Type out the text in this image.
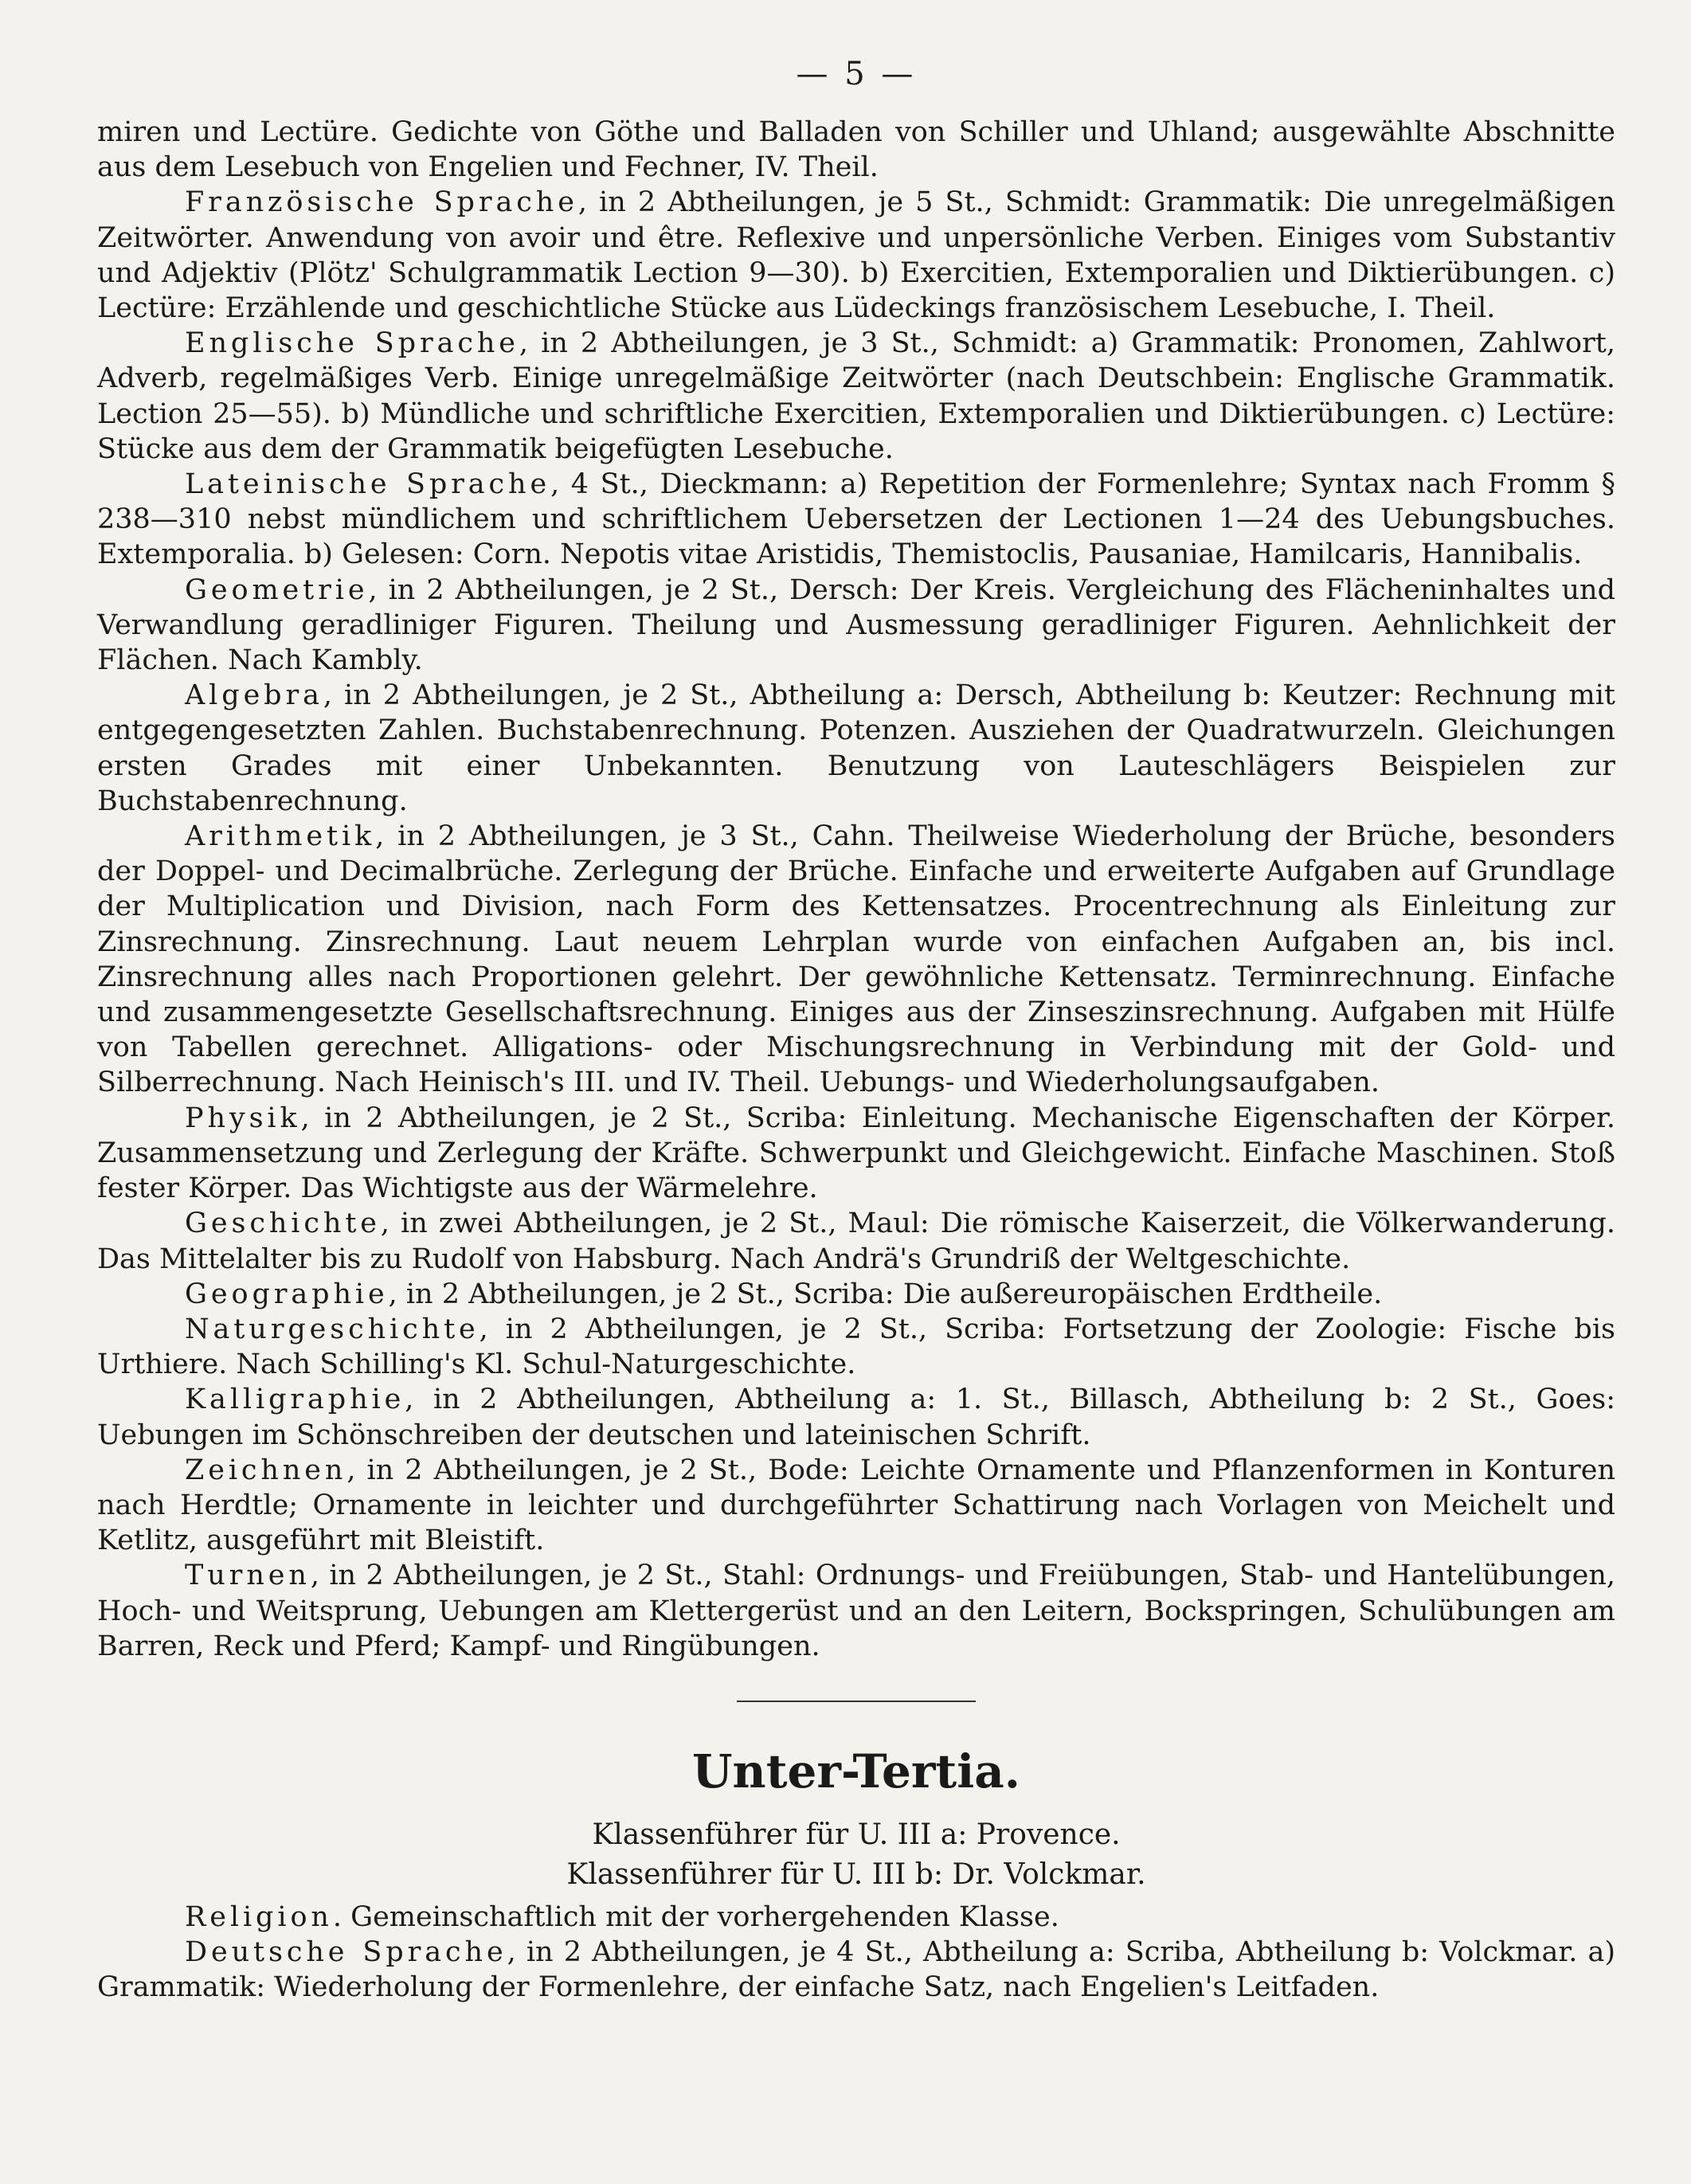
— 5 —

miren und Lectüre. Gedichte von Göthe und Balladen von Schiller und Uhland; ausgewählte Abschnitte aus dem Lesebuch von Engelien und Fechner, IV. Theil.

Französische Sprache, in 2 Abtheilungen, je 5 St., Schmidt: Grammatik: Die unregelmäßigen Zeitwörter. Anwendung von avoir und être. Reflexive und unpersönliche Verben. Einiges vom Substantiv und Adjektiv (Plötz' Schulgrammatik Lection 9—30). b) Exercitien, Extemporalien und Diktierübungen. c) Lectüre: Erzählende und geschichtliche Stücke aus Lüdeckings französischem Lesebuche, I. Theil.

Englische Sprache, in 2 Abtheilungen, je 3 St., Schmidt: a) Grammatik: Pronomen, Zahlwort, Adverb, regelmäßiges Verb. Einige unregelmäßige Zeitwörter (nach Deutschbein: Englische Grammatik. Lection 25—55). b) Mündliche und schriftliche Exercitien, Extemporalien und Diktierübungen. c) Lectüre: Stücke aus dem der Grammatik beigefügten Lesebuche.

Lateinische Sprache, 4 St., Dieckmann: a) Repetition der Formenlehre; Syntax nach Fromm § 238—310 nebst mündlichem und schriftlichem Uebersetzen der Lectionen 1—24 des Uebungsbuches. Extemporalia. b) Gelesen: Corn. Nepotis vitae Aristidis, Themistoclis, Pausaniae, Hamilcaris, Hannibalis.

Geometrie, in 2 Abtheilungen, je 2 St., Dersch: Der Kreis. Vergleichung des Flächeninhaltes und Verwandlung geradliniger Figuren. Theilung und Ausmessung geradliniger Figuren. Aehnlichkeit der Flächen. Nach Kambly.

Algebra, in 2 Abtheilungen, je 2 St., Abtheilung a: Dersch, Abtheilung b: Keutzer: Rechnung mit entgegengesetzten Zahlen. Buchstabenrechnung. Potenzen. Ausziehen der Quadratwurzeln. Gleichungen ersten Grades mit einer Unbekannten. Benutzung von Lauteschlägers Beispielen zur Buchstabenrechnung.

Arithmetik, in 2 Abtheilungen, je 3 St., Cahn. Theilweise Wiederholung der Brüche, besonders der Doppel- und Decimalbrüche. Zerlegung der Brüche. Einfache und erweiterte Aufgaben auf Grundlage der Multiplication und Division, nach Form des Kettensatzes. Procentrechnung als Einleitung zur Zinsrechnung. Zinsrechnung. Laut neuem Lehrplan wurde von einfachen Aufgaben an, bis incl. Zinsrechnung alles nach Proportionen gelehrt. Der gewöhnliche Kettensatz. Terminrechnung. Einfache und zusammengesetzte Gesellschaftsrechnung. Einiges aus der Zinseszinsrechnung. Aufgaben mit Hülfe von Tabellen gerechnet. Alligations- oder Mischungsrechnung in Verbindung mit der Gold- und Silberrechnung. Nach Heinisch's III. und IV. Theil. Uebungs- und Wiederholungsaufgaben.

Physik, in 2 Abtheilungen, je 2 St., Scriba: Einleitung. Mechanische Eigenschaften der Körper. Zusammensetzung und Zerlegung der Kräfte. Schwerpunkt und Gleichgewicht. Einfache Maschinen. Stoß fester Körper. Das Wichtigste aus der Wärmelehre.

Geschichte, in zwei Abtheilungen, je 2 St., Maul: Die römische Kaiserzeit, die Völkerwanderung. Das Mittelalter bis zu Rudolf von Habsburg. Nach Andrä's Grundriß der Weltgeschichte.

Geographie, in 2 Abtheilungen, je 2 St., Scriba: Die außereuropäischen Erdtheile.

Naturgeschichte, in 2 Abtheilungen, je 2 St., Scriba: Fortsetzung der Zoologie: Fische bis Urthiere. Nach Schilling's Kl. Schul-Naturgeschichte.

Kalligraphie, in 2 Abtheilungen, Abtheilung a: 1. St., Billasch, Abtheilung b: 2 St., Goes: Uebungen im Schönschreiben der deutschen und lateinischen Schrift.

Zeichnen, in 2 Abtheilungen, je 2 St., Bode: Leichte Ornamente und Pflanzenformen in Konturen nach Herdtle; Ornamente in leichter und durchgeführter Schattirung nach Vorlagen von Meichelt und Ketlitz, ausgeführt mit Bleistift.

Turnen, in 2 Abtheilungen, je 2 St., Stahl: Ordnungs- und Freiübungen, Stab- und Hantelübungen, Hoch- und Weitsprung, Uebungen am Klettergerüst und an den Leitern, Bockspringen, Schulübungen am Barren, Reck und Pferd; Kampf- und Ringübungen.

Unter-Tertia.
Klassenführer für U. III a: Provence.
Klassenführer für U. III b: Dr. Volckmar.

Religion. Gemeinschaftlich mit der vorhergehenden Klasse.

Deutsche Sprache, in 2 Abtheilungen, je 4 St., Abtheilung a: Scriba, Abtheilung b: Volckmar. a) Grammatik: Wiederholung der Formenlehre, der einfache Satz, nach Engelien's Leitfaden.
